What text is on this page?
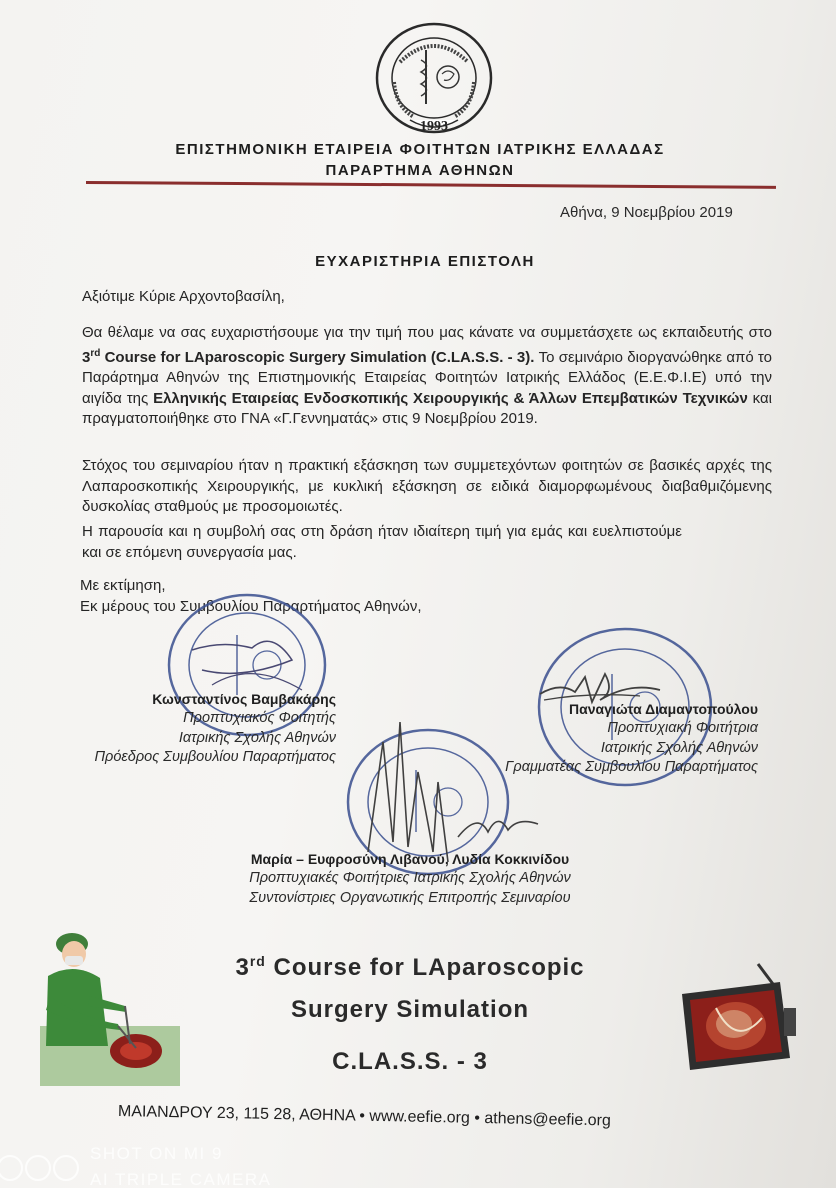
1993
ΕΠΙΣΤΗΜΟΝΙΚΗ ΕΤΑΙΡΕΙΑ ΦΟΙΤΗΤΩΝ ΙΑΤΡΙΚΗΣ ΕΛΛΑΔΑΣ
ΠΑΡΑΡΤΗΜΑ ΑΘΗΝΩΝ
Αθήνα, 9 Νοεμβρίου 2019
ΕΥΧΑΡΙΣΤΗΡΙΑ ΕΠΙΣΤΟΛΗ
Αξιότιμε Κύριε Αρχοντοβασίλη,
Θα θέλαμε να σας ευχαριστήσουμε για την τιμή που μας κάνατε να συμμετάσχετε ως εκπαιδευτής στο 3rd Course for LAparoscopic Surgery Simulation (C.LA.S.S. - 3). Το σεμινάριο διοργανώθηκε από το Παράρτημα Αθηνών της Επιστημονικής Εταιρείας Φοιτητών Ιατρικής Ελλάδος (Ε.Ε.Φ.Ι.Ε) υπό την αιγίδα της Ελληνικής Εταιρείας Ενδοσκοπικής Χειρουργικής & Άλλων Επεμβατικών Τεχνικών και πραγματοποιήθηκε στο ΓΝΑ «Γ.Γεννηματάς» στις 9 Νοεμβρίου 2019.
Στόχος του σεμιναρίου ήταν η πρακτική εξάσκηση των συμμετεχόντων φοιτητών σε βασικές αρχές της Λαπαροσκοπικής Χειρουργικής, με κυκλική εξάσκηση σε ειδικά διαμορφωμένους διαβαθμιζόμενης δυσκολίας σταθμούς με προσομοιωτές.
Η παρουσία και η συμβολή σας στη δράση ήταν ιδιαίτερη τιμή για εμάς και ευελπιστούμε και σε επόμενη συνεργασία μας.
Με εκτίμηση,
Εκ μέρους του Συμβουλίου Παραρτήματος Αθηνών,
Κωνσταντίνος Βαμβακάρης
Προπτυχιακός Φοιτητής
Ιατρικής Σχολής Αθηνών
Πρόεδρος Συμβουλίου Παραρτήματος
Παναγιώτα Διαμαντοπούλου
Προπτυχιακή Φοιτήτρια
Ιατρικής Σχολής Αθηνών
Γραμματέας Συμβουλίου Παραρτήματος
Μαρία – Ευφροσύνη Λιβανού, Λυδία Κοκκινίδου
Προπτυχιακές Φοιτήτριες Ιατρικής Σχολής Αθηνών
Συντονίστριες Οργανωτικής Επιτροπής Σεμιναρίου
3rd Course for LAparoscopic
Surgery Simulation
C.LA.S.S. - 3
ΜΑΙΑΝΔΡΟΥ 23, 115 28, ΑΘΗΝΑ • www.eefie.org • athens@eefie.org
SHOT ON MI 9
AI TRIPLE CAMERA
